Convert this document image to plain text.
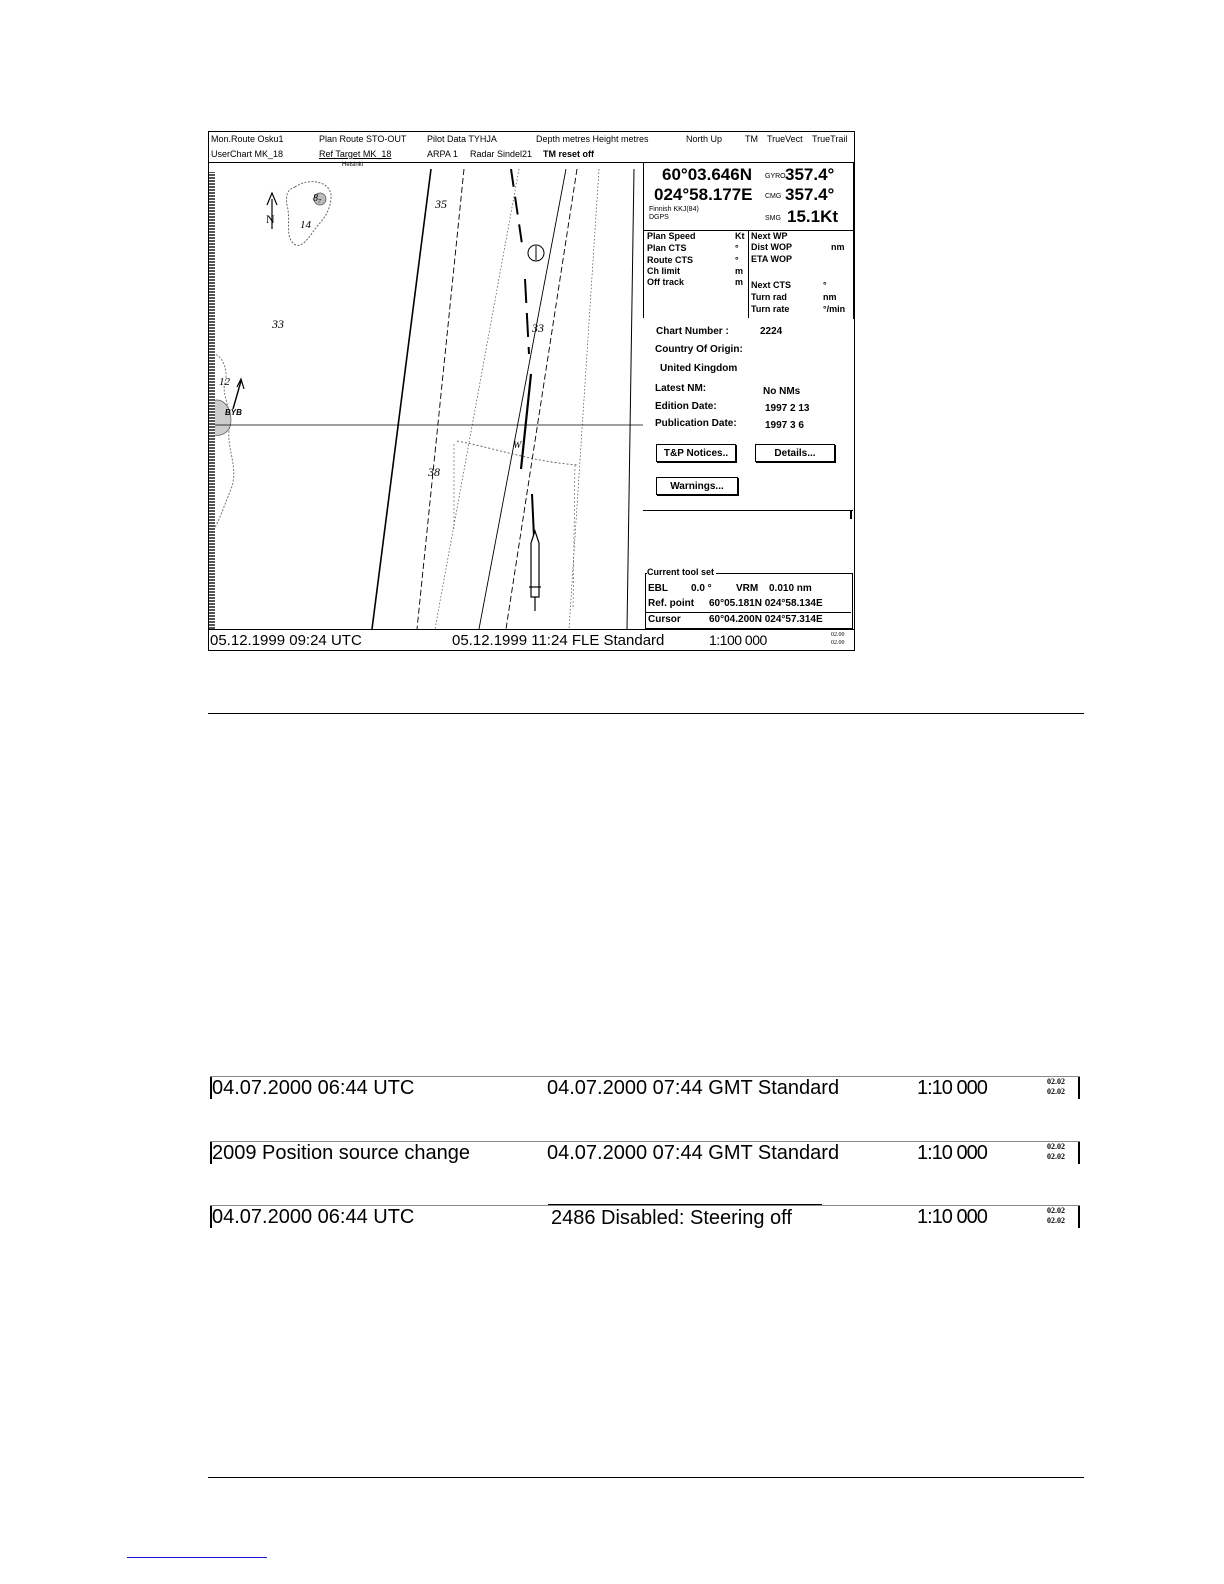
Mon.Route Osku1	Plan Route STO-OUT Pilot Data TYHJA	Depth metres Height metres	North Up	TM TrueVect TrueTrail
UserChart MK_18	Ref Target MK_18	ARPA 1 Radar Sindel21 TM reset off
Helsinki
35
14
33	33
12
38
8₇
BYB
W₁
N
60°03.646N
024°58.177E
GYRO 357.4°
CMG 357.4°
Finnish KKJ(84)
DGPS	SMG 15.1Kt
Plan Speed	Kt
Plan CTS	°
Route CTS	°
Ch limit	m
Off track	m
Next WP
Dist WOP	nm
ETA WOP
Next CTS	°
Turn rad	nm
Turn rate	°/min
Chart Number :	2224
Country Of Origin:
United Kingdom
Latest NM:	No NMs
Edition Date:	1997 2 13
Publication Date:	1997 3 6
T&P Notices..	Details...
Warnings...
Current tool set
EBL 0.0 ° VRM 0.010 nm
Ref. point 60°05.181N 024°58.134E
Cursor	60°04.200N 024°57.314E
05.12.1999 09:24 UTC	05.12.1999 11:24 FLE Standard	1:100 000	02.00
02.00
04.07.2000 06:44 UTC	04.07.2000 07:44 GMT Standard	1:10 000	02.02
02.02
2009 Position source change	04.07.2000 07:44 GMT Standard	1:10 000	02.02
02.02
04.07.2000 06:44 UTC	2486 Disabled: Steering off	1:10 000	02.02
02.02
